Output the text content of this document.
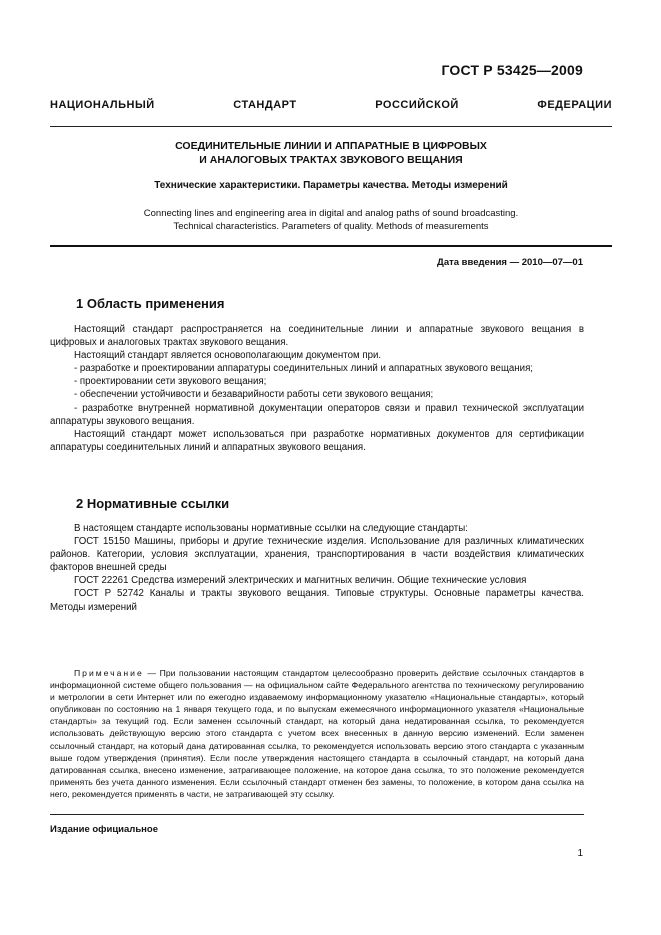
ГОСТ Р 53425—2009
НАЦИОНАЛЬНЫЙ СТАНДАРТ РОССИЙСКОЙ ФЕДЕРАЦИИ
СОЕДИНИТЕЛЬНЫЕ ЛИНИИ И АППАРАТНЫЕ В ЦИФРОВЫХ
И АНАЛОГОВЫХ ТРАКТАХ ЗВУКОВОГО ВЕЩАНИЯ
Технические характеристики. Параметры качества. Методы измерений
Connecting lines and engineering area in digital and analog paths of sound broadcasting.
Technical characteristics. Parameters of quality. Methods of measurements
Дата введения — 2010—07—01
1 Область применения

Настоящий стандарт распространяется на соединительные линии и аппаратные звукового вещания в цифровых и аналоговых трактах звукового вещания.

Настоящий стандарт является основополагающим документом при.

- разработке и проектировании аппаратуры соединительных линий и аппаратных звукового вещания;

- проектировании сети звукового вещания;

- обеспечении устойчивости и безаварийности работы сети звукового вещания;

- разработке внутренней нормативной документации операторов связи и правил технической эксплуатации аппаратуры звукового вещания.

Настоящий стандарт может использоваться при разработке нормативных документов для сертификации аппаратуры соединительных линий и аппаратных звукового вещания.

2 Нормативные ссылки

В настоящем стандарте использованы нормативные ссылки на следующие стандарты:

ГОСТ 15150 Машины, приборы и другие технические изделия. Использование для различных климатических районов. Категории, условия эксплуатации, хранения, транспортирования в части воздействия климатических факторов внешней среды

ГОСТ 22261 Средства измерений электрических и магнитных величин. Общие технические условия

ГОСТ Р 52742 Каналы и тракты звукового вещания. Типовые структуры. Основные параметры качества. Методы измерений

Примечание — При пользовании настоящим стандартом целесообразно проверить действие ссылочных стандартов в информационной системе общего пользования — на официальном сайте Федерального агентства по техническому регулированию и метрологии в сети Интернет или по ежегодно издаваемому информационному указателю «Национальные стандарты», который опубликован по состоянию на 1 января текущего года, и по выпускам ежемесячного информационного указателя «Национальные стандарты» за текущий год. Если заменен ссылочный стандарт, на который дана недатированная ссылка, то рекомендуется использовать действующую версию этого стандарта с учетом всех внесенных в данную версию изменений. Если заменен ссылочный стандарт, на который дана датированная ссылка, то рекомендуется использовать версию этого стандарта с указанным выше годом утверждения (принятия). Если после утверждения настоящего стандарта в ссылочный стандарт, на который дана датированная ссылка, внесено изменение, затрагивающее положение, на которое дана ссылка, то это положение рекомендуется применять без учета данного изменения. Если ссылочный стандарт отменен без замены, то положение, в котором дана ссылка на него, рекомендуется применять в части, не затрагивающей эту ссылку.

Издание официальное
1
